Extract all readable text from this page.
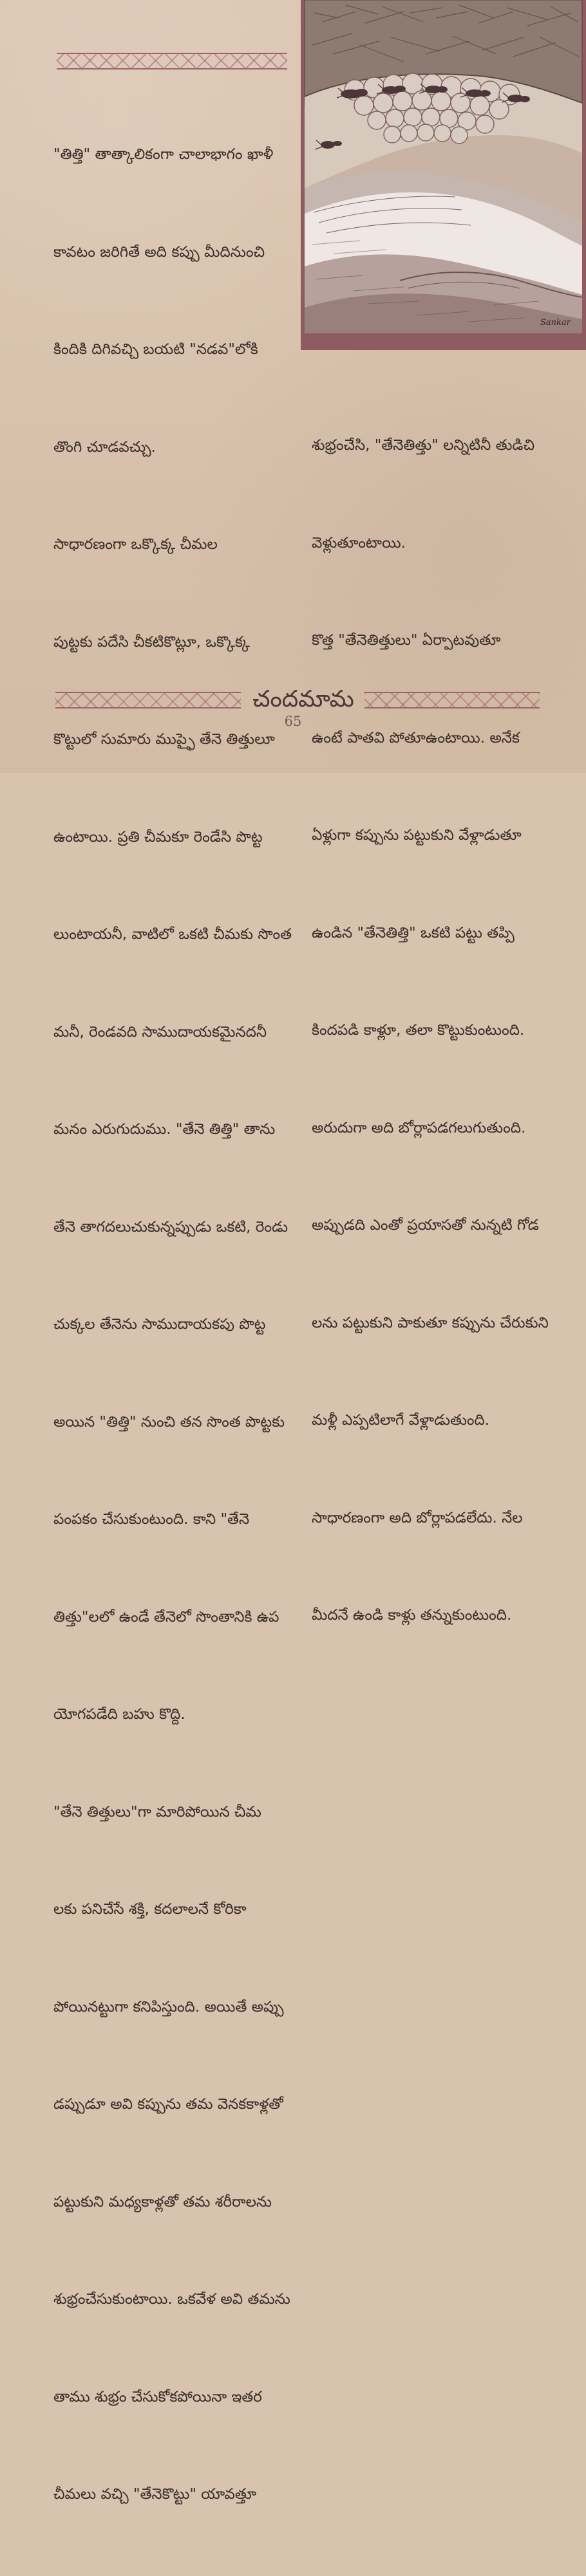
Sankar

"తిత్తి" తాత్కాలికంగా చాలాభాగం ఖాళీ

కావటం జరిగితే అది కప్పు మీదినుంచి

కిందికి దిగివచ్చి బయటి "నడవ"లోకి

తొంగి చూడవచ్చు.

సాధారణంగా ఒక్కొక్క చీమల

పుట్టకు పదేసి చీకటికొట్లూ, ఒక్కొక్క

కొట్టులో సుమారు ముప్ఫై తేనె తిత్తులూ

ఉంటాయి. ప్రతి చీమకూ రెండేసి పొట్ట

లుంటాయనీ, వాటిలో ఒకటి చీమకు సొంత

మనీ, రెండవది సాముదాయకమైనదనీ

మనం ఎరుగుదుము. "తేనె తిత్తి" తాను

తేనె తాగదలుచుకున్నప్పుడు ఒకటి, రెండు

చుక్కల తేనెను సాముదాయకపు పొట్ట

అయిన "తిత్తి" నుంచి తన సొంత పొట్టకు

పంపకం చేసుకుంటుంది. కాని "తేనె

తిత్తు"లలో ఉండే తేనెలో సొంతానికి ఉప

యోగపడేది బహు కొద్ది.

"తేనె తిత్తులు"గా మారిపోయిన చీమ

లకు పనిచేసే శక్తి, కదలాలనే కోరికా

పోయినట్టుగా కనిపిస్తుంది. అయితే అప్పు

డప్పుడూ అవి కప్పును తమ వెనకకాళ్లతో

పట్టుకుని మధ్యకాళ్లతో తమ శరీరాలను

శుభ్రంచేసుకుంటాయి. ఒకవేళ అవి తమను

తాము శుభ్రం చేసుకోకపోయినా ఇతర

చీమలు వచ్చి "తేనెకొట్టు" యావత్తూ

శుభ్రంచేసి, "తేనెతిత్తు" లన్నిటినీ తుడిచి

వెళ్లుతూంటాయి.

కొత్త "తేనెతిత్తులు" ఏర్పాటవుతూ

ఉంటే పాతవి పోతూఉంటాయి. అనేక

ఏళ్లుగా కప్పును పట్టుకుని వేళ్లాడుతూ

ఉండిన "తేనెతిత్తి" ఒకటి పట్టు తప్పి

కిందపడి కాళ్లూ, తలా కొట్టుకుంటుంది.

అరుదుగా అది బోర్లాపడగలుగుతుంది.

అప్పుడది ఎంతో ప్రయాసతో నున్నటి గోడ

లను పట్టుకుని పాకుతూ కప్పును చేరుకుని

మళ్లీ ఎప్పటిలాగే వేళ్లాడుతుంది.

సాధారణంగా అది బోర్లాపడలేదు. నేల

మీదనే ఉండి కాళ్లు తన్నుకుంటుంది.

చందమామ
65
